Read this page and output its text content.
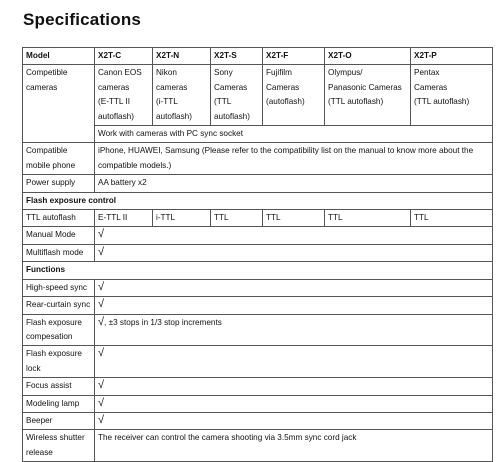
Specifications
Model	X2T-C	X2T-N	X2T-S	X2T-F	X2T-O	X2T-P
Competible
cameras	Canon EOS
cameras
(E-TTL II
autoflash)	Nikon
cameras
(i-TTL
autoflash)	Sony
Cameras
(TTL
autoflash)	Fujifilm
Cameras
(autoflash)	Olympus/
Panasonic Cameras
(TTL autoflash)	Pentax
Cameras
(TTL autoflash)
	Work with cameras with PC sync socket					
Compatible
mobile phone	iPhone, HUAWEI, Samsung (Please refer to the compatibility list on the manual to know more about the
compatible models.)					
Power supply	AA battery x2					
Flash exposure control						
TTL autoflash	E-TTL II	i-TTL	TTL	TTL	TTL	TTL
Manual Mode	√					
Multiflash mode	√					
Functions						
High-speed sync	√					
Rear-curtain sync	√					
Flash exposure
compesation	√, ±3 stops in 1/3 stop increments					
Flash exposure
lock	√					
Focus assist	√					
Modeling lamp	√					
Beeper	√					
Wireless shutter
release	The receiver can control the camera shooting via 3.5mm sync cord jack					
